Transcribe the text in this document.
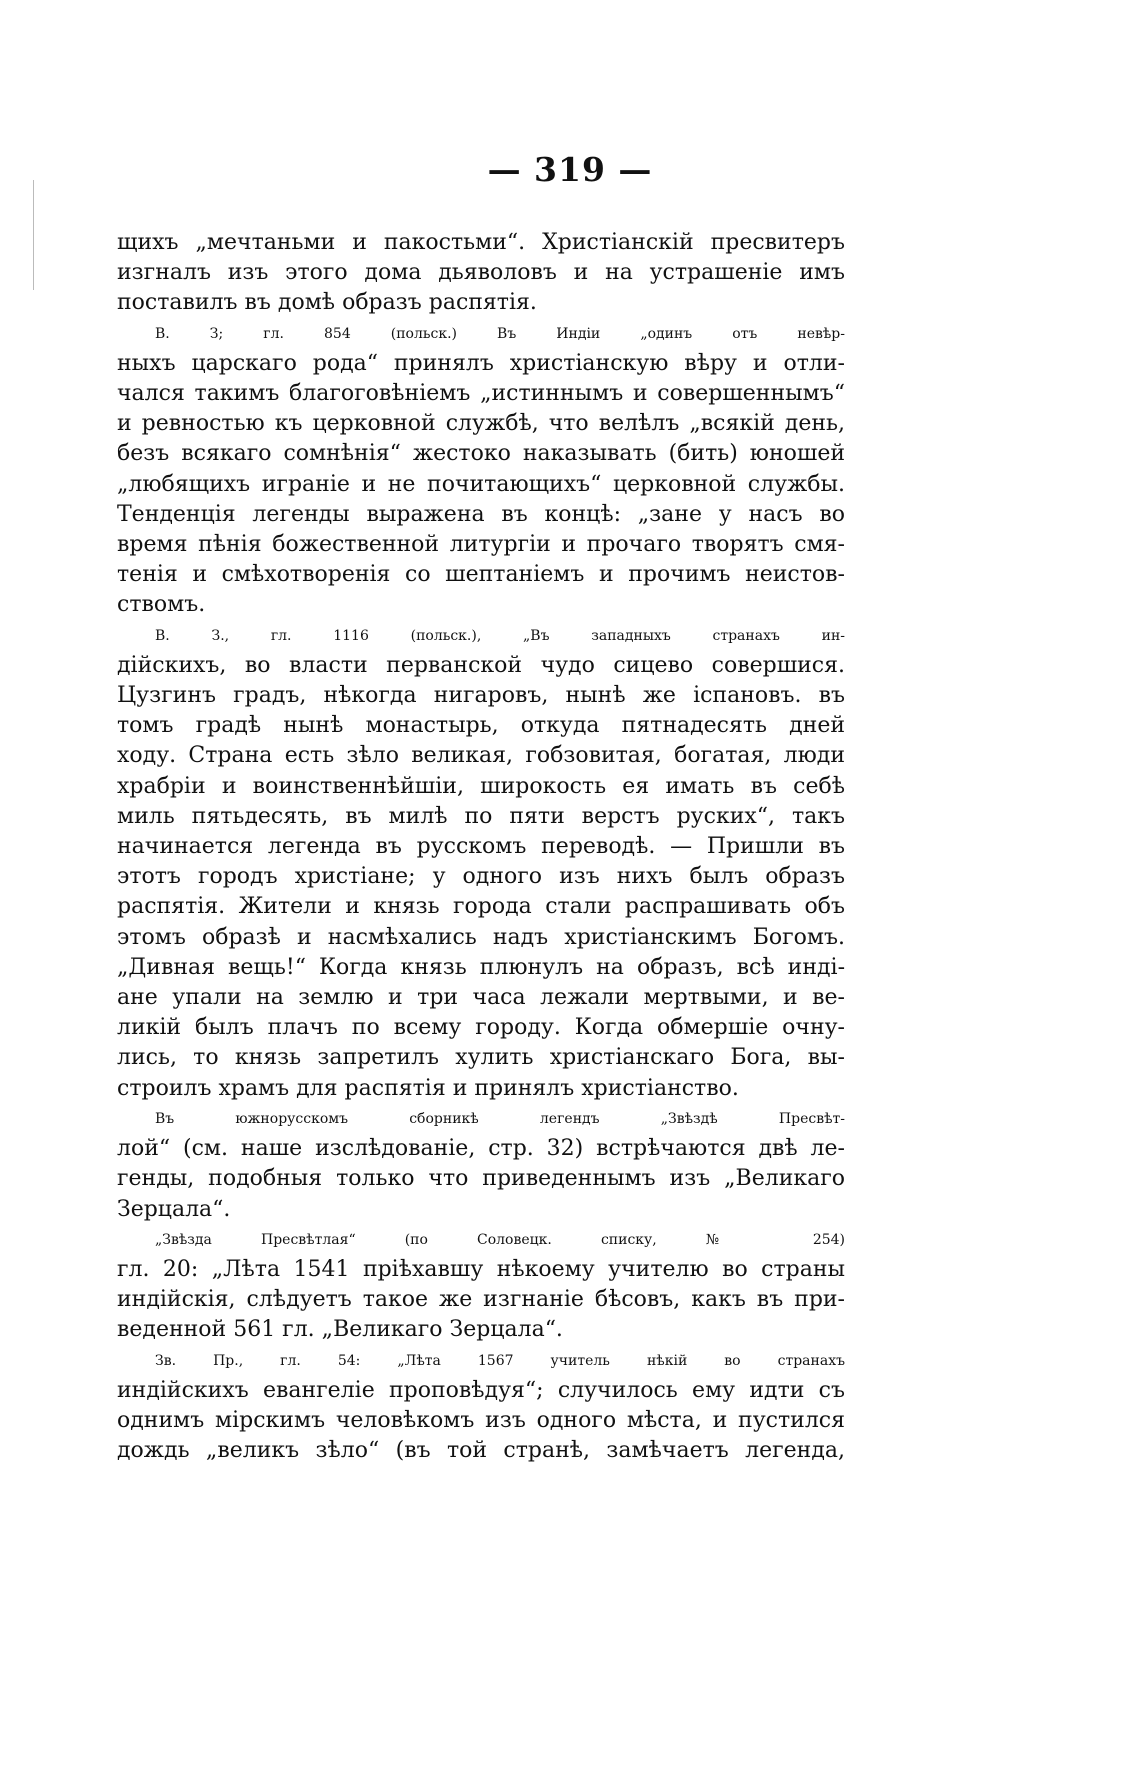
— 319 —
щихъ „мечтаньми и пакостьми“. Христіанскій пресвитеръ
изгналъ изъ этого дома дьяволовъ и на устрашеніе имъ
поставилъ въ домѣ образъ распятія.
В. З; гл. 854 (польск.) Въ Индіи „одинъ отъ невѣр-
ныхъ царскаго рода“ принялъ христіанскую вѣру и отли-
чался такимъ благоговѣніемъ „истиннымъ и совершеннымъ“
и ревностью къ церковной службѣ, что велѣлъ „всякій день,
безъ всякаго сомнѣнія“ жестоко наказывать (бить) юношей
„любящихъ играніе и не почитающихъ“ церковной службы.
Тенденція легенды выражена въ концѣ: „зане у насъ во
время пѣнія божественной литургіи и прочаго творятъ смя-
тенія и смѣхотворенія со шептаніемъ и прочимъ неистов-
ствомъ.
В. З., гл. 1116 (польск.), „Въ западныхъ странахъ ин-
дійскихъ, во власти перванской чудо сицево совершися.
Цузгинъ градъ, нѣкогда нигаровъ, нынѣ же іспановъ. въ
томъ градѣ нынѣ монастырь, откуда пятнадесять дней
ходу. Страна есть зѣло великая, гобзовитая, богатая, люди
храбріи и воинственнѣйшіи, широкость ея имать въ себѣ
миль пятьдесять, въ милѣ по пяти верстъ руских“, такъ
начинается легенда въ русскомъ переводѣ. — Пришли въ
этотъ городъ христіане; у одного изъ нихъ былъ образъ
распятія. Жители и князь города стали распрашивать объ
этомъ образѣ и насмѣхались надъ христіанскимъ Богомъ.
„Дивная вещь!“ Когда князь плюнулъ на образъ, всѣ инді-
ане упали на землю и три часа лежали мертвыми, и ве-
ликій былъ плачъ по всему городу. Когда обмершіе очну-
лись, то князь запретилъ хулить христіанскаго Бога, вы-
строилъ храмъ для распятія и принялъ христіанство.
Въ южнорусскомъ сборникѣ легендъ „Звѣздѣ Пресвѣт-
лой“ (см. наше изслѣдованіе, стр. 32) встрѣчаются двѣ ле-
генды, подобныя только что приведеннымъ изъ „Великаго
Зерцала“.
„Звѣзда Пресвѣтлая“ (по Соловецк. списку, № 254)
гл. 20: „Лѣта 1541 пріѣхавшу нѣкоему учителю во страны
индійскія, слѣдуетъ такое же изгнаніе бѣсовъ, какъ въ при-
веденной 561 гл. „Великаго Зерцала“.
Зв. Пр., гл. 54: „Лѣта 1567 учитель нѣкій во странахъ
индійскихъ евангеліе проповѣдуя“; случилось ему идти съ
однимъ мірскимъ человѣкомъ изъ одного мѣста, и пустился
дождь „великъ зѣло“ (въ той странѣ, замѣчаетъ легенда,
